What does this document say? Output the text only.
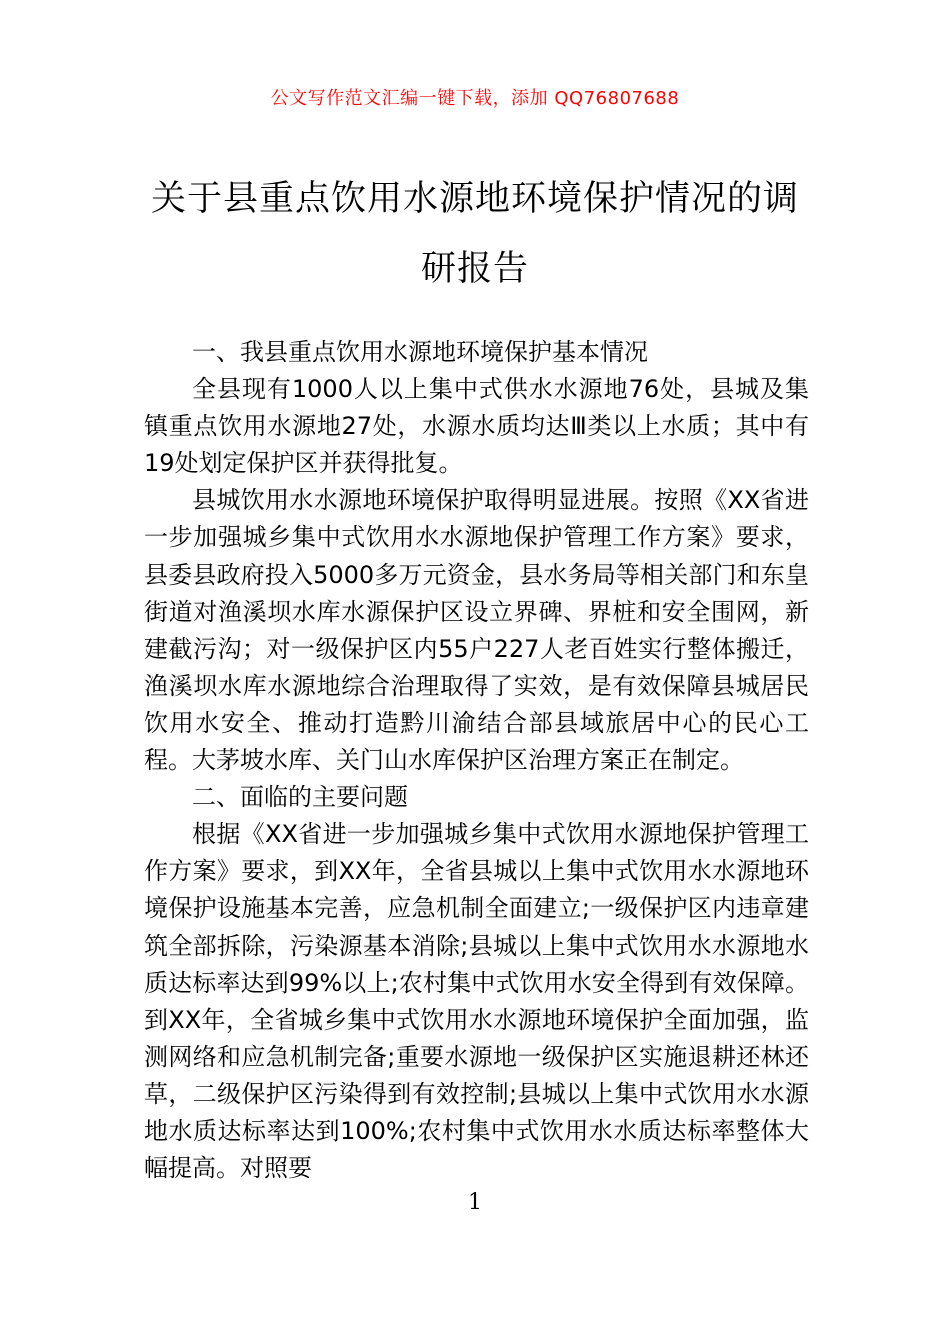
公文写作范文汇编一键下载，添加 QQ76807688
关于县重点饮用水源地环境保护情况的调研报告

一、我县重点饮用水源地环境保护基本情况

全县现有1000人以上集中式供水水源地76处，县城及集镇重点饮用水源地27处，水源水质均达Ⅲ类以上水质；其中有19处划定保护区并获得批复。

县城饮用水水源地环境保护取得明显进展。按照《XX省进一步加强城乡集中式饮用水水源地保护管理工作方案》要求，县委县政府投入5000多万元资金，县水务局等相关部门和东皇街道对渔溪坝水库水源保护区设立界碑、界桩和安全围网，新建截污沟；对一级保护区内55户227人老百姓实行整体搬迁，渔溪坝水库水源地综合治理取得了实效，是有效保障县城居民饮用水安全、推动打造黔川渝结合部县域旅居中心的民心工程。大茅坡水库、关门山水库保护区治理方案正在制定。

二、面临的主要问题

根据《XX省进一步加强城乡集中式饮用水源地保护管理工作方案》要求，到XX年，全省县城以上集中式饮用水水源地环境保护设施基本完善，应急机制全面建立;一级保护区内违章建筑全部拆除，污染源基本消除;县城以上集中式饮用水水源地水质达标率达到99%以上;农村集中式饮用水安全得到有效保障。到XX年，全省城乡集中式饮用水水源地环境保护全面加强，监测网络和应急机制完备;重要水源地一级保护区实施退耕还林还草，二级保护区污染得到有效控制;县城以上集中式饮用水水源地水质达标率达到100%;农村集中式饮用水水质达标率整体大幅提高。对照要

1
